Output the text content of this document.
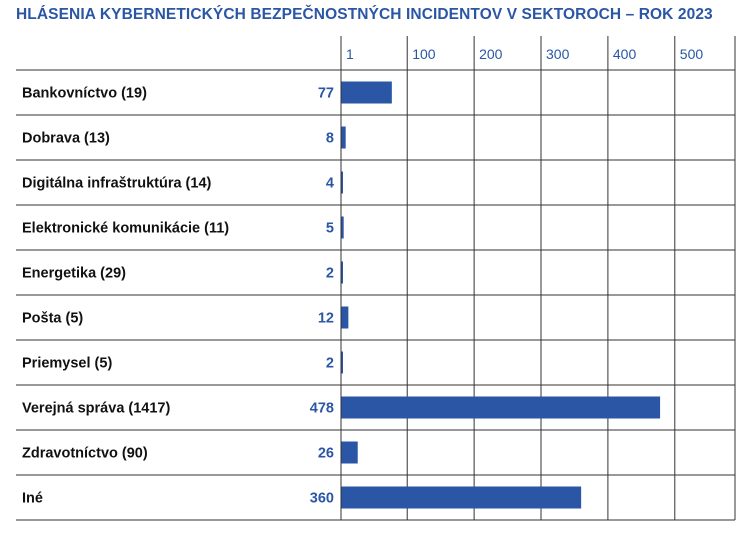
HLÁSENIA KYBERNETICKÝCH BEZPEČNOSTNÝCH INCIDENTOV V SEKTOROCH – ROK 2023
1	100	200	300	400	500
Bankovníctvo (19)	77
Dobrava (13)	8
Digitálna infraštruktúra (14)	4
Elektronické komunikácie (11)	5
Energetika (29)	2
Pošta (5)	12
Priemysel (5)	2
Verejná správa (1417)	478
Zdravotníctvo (90)	26
Iné	360
